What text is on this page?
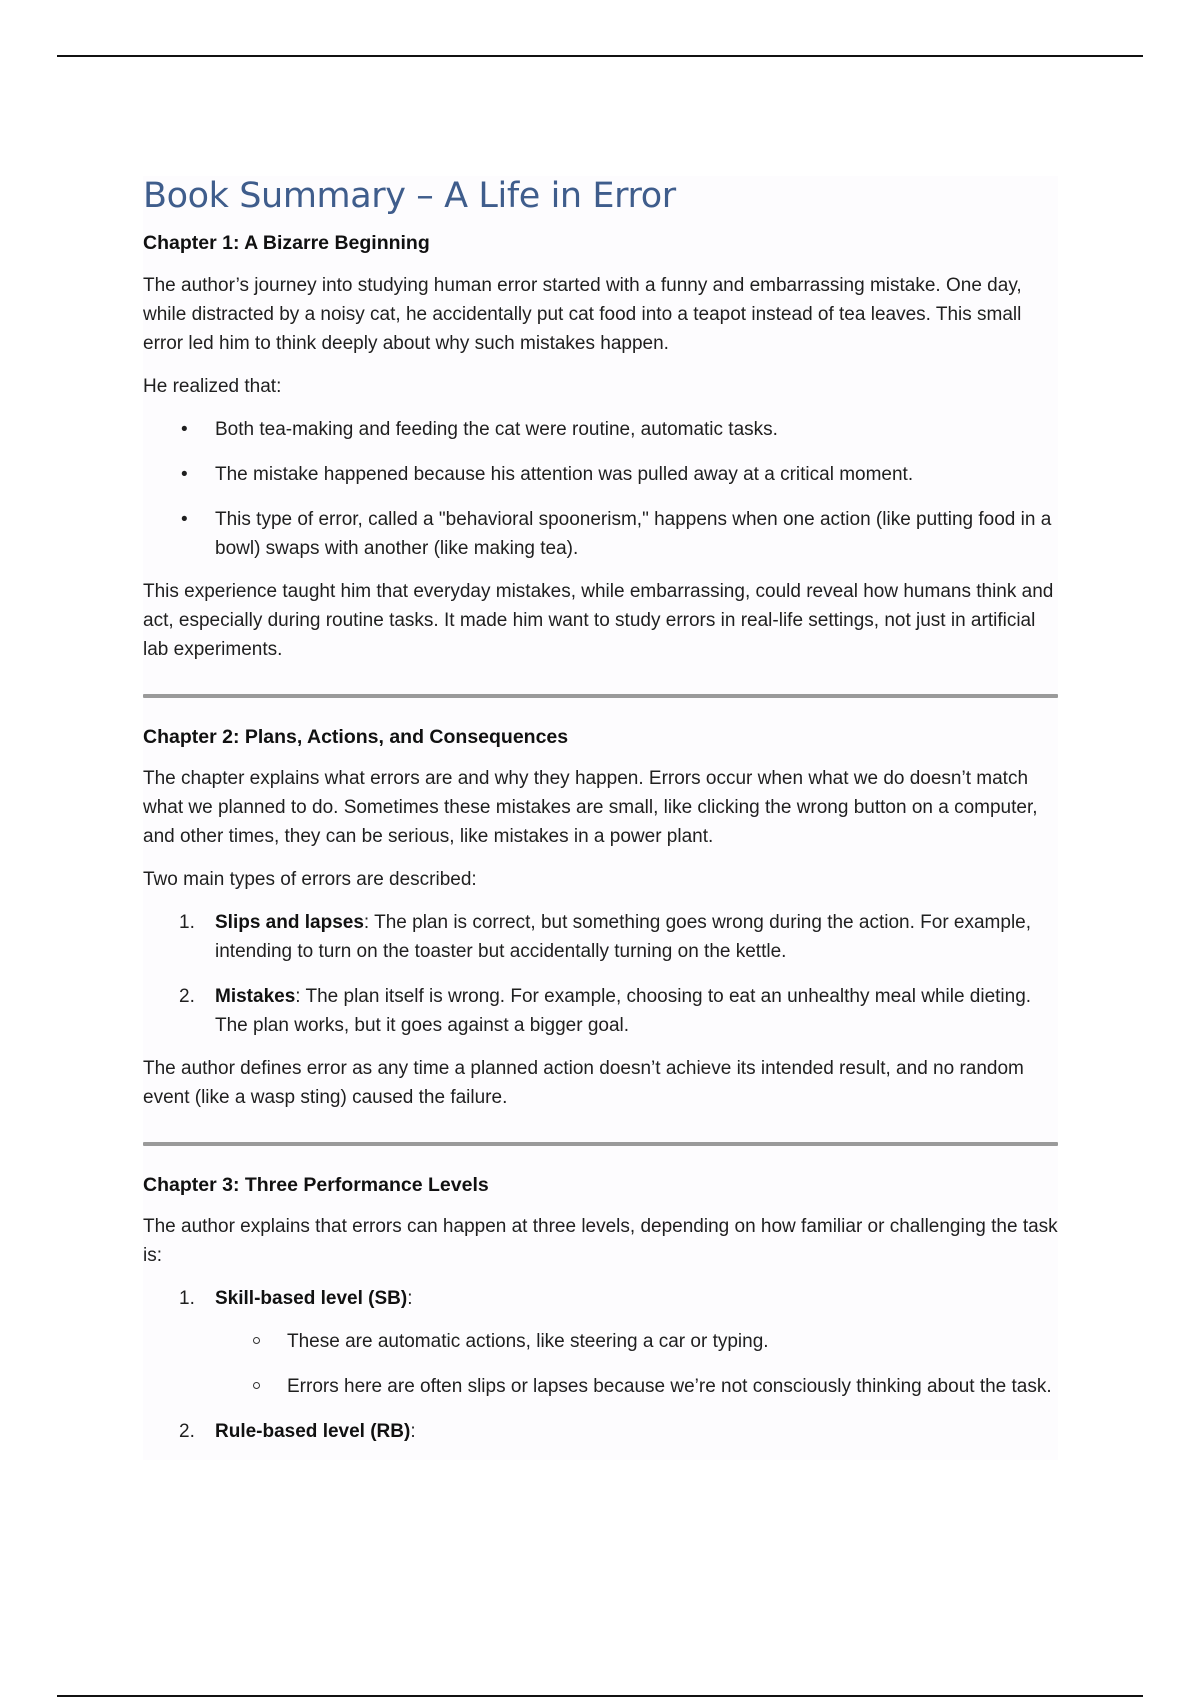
Book Summary – A Life in Error
Chapter 1: A Bizarre Beginning

The author’s journey into studying human error started with a funny and embarrassing mistake. One day, while distracted by a noisy cat, he accidentally put cat food into a teapot instead of tea leaves. This small error led him to think deeply about why such mistakes happen.

He realized that:

• Both tea-making and feeding the cat were routine, automatic tasks.
• The mistake happened because his attention was pulled away at a critical moment.
• This type of error, called a "behavioral spoonerism," happens when one action (like putting food in a bowl) swaps with another (like making tea).

This experience taught him that everyday mistakes, while embarrassing, could reveal how humans think and act, especially during routine tasks. It made him want to study errors in real-life settings, not just in artificial lab experiments.

Chapter 2: Plans, Actions, and Consequences

The chapter explains what errors are and why they happen. Errors occur when what we do doesn’t match what we planned to do. Sometimes these mistakes are small, like clicking the wrong button on a computer, and other times, they can be serious, like mistakes in a power plant.

Two main types of errors are described:

1. Slips and lapses: The plan is correct, but something goes wrong during the action. For example, intending to turn on the toaster but accidentally turning on the kettle.
2. Mistakes: The plan itself is wrong. For example, choosing to eat an unhealthy meal while dieting. The plan works, but it goes against a bigger goal.

The author defines error as any time a planned action doesn’t achieve its intended result, and no random event (like a wasp sting) caused the failure.

Chapter 3: Three Performance Levels

The author explains that errors can happen at three levels, depending on how familiar or challenging the task is:

1. Skill-based level (SB):
These are automatic actions, like steering a car or typing.
Errors here are often slips or lapses because we’re not consciously thinking about the task.
2. Rule-based level (RB):
